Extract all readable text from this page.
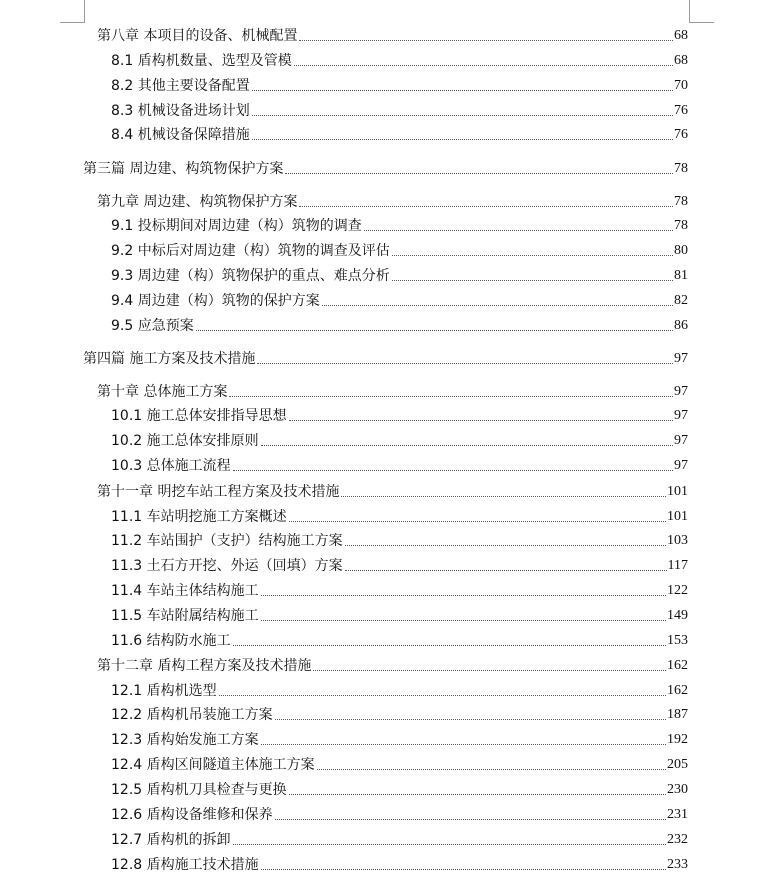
第八章 本项目的设备、机械配置	68
8.1 盾构机数量、选型及管模	68
8.2 其他主要设备配置	70
8.3 机械设备进场计划	76
8.4 机械设备保障措施	76
第三篇 周边建、构筑物保护方案	78
第九章 周边建、构筑物保护方案	78
9.1 投标期间对周边建（构）筑物的调查	78
9.2 中标后对周边建（构）筑物的调查及评估	80
9.3 周边建（构）筑物保护的重点、难点分析	81
9.4 周边建（构）筑物的保护方案	82
9.5 应急预案	86
第四篇 施工方案及技术措施	97
第十章 总体施工方案	97
10.1 施工总体安排指导思想	97
10.2 施工总体安排原则	97
10.3 总体施工流程	97
第十一章 明挖车站工程方案及技术措施	101
11.1 车站明挖施工方案概述	101
11.2 车站围护（支护）结构施工方案	103
11.3 土石方开挖、外运（回填）方案	117
11.4 车站主体结构施工	122
11.5 车站附属结构施工	149
11.6 结构防水施工	153
第十二章 盾构工程方案及技术措施	162
12.1 盾构机选型	162
12.2 盾构机吊装施工方案	187
12.3 盾构始发施工方案	192
12.4 盾构区间隧道主体施工方案	205
12.5 盾构机刀具检查与更换	230
12.6 盾构设备维修和保养	231
12.7 盾构机的拆卸	232
12.8 盾构施工技术措施	233
